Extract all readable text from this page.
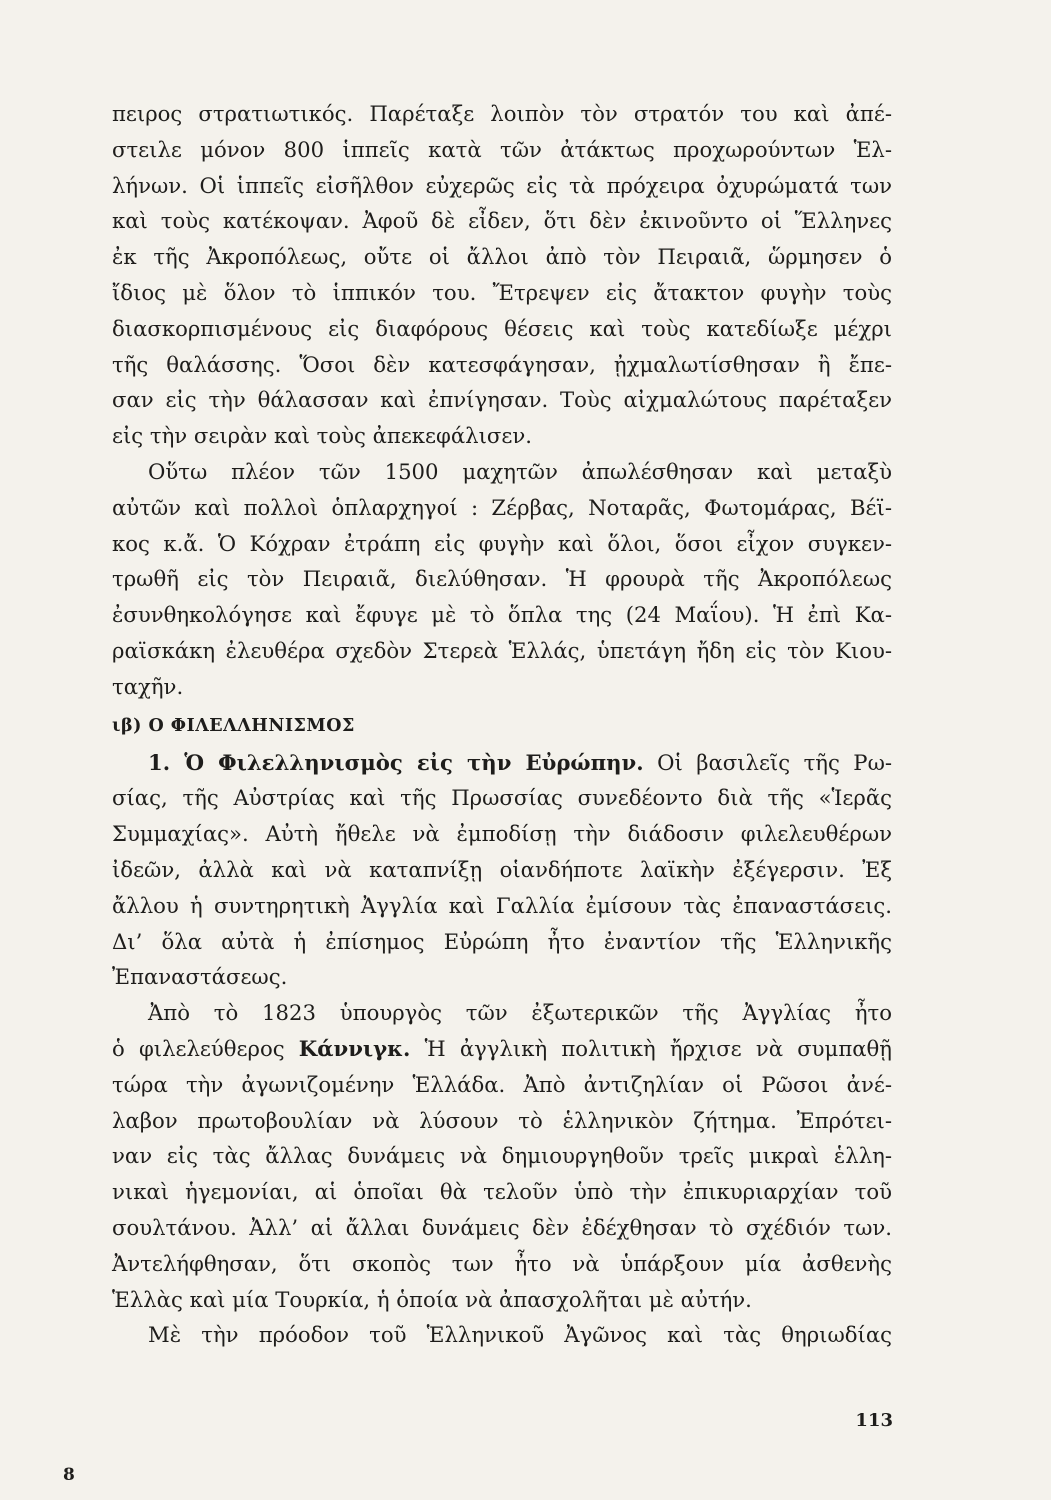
πειρος στρατιωτικός. Παρέταξε λοιπὸν τὸν στρατόν του καὶ ἀπέ-
στειλε μόνον 800 ἱππεῖς κατὰ τῶν ἀτάκτως προχωρούντων Ἑλ-
λήνων. Οἱ ἱππεῖς εἰσῆλθον εὐχερῶς εἰς τὰ πρόχειρα ὀχυρώματά των
καὶ τοὺς κατέκοψαν. Ἀφοῦ δὲ εἶδεν, ὅτι δὲν ἐκινοῦντο οἱ Ἕλληνες
ἐκ τῆς Ἀκροπόλεως, οὔτε οἱ ἄλλοι ἀπὸ τὸν Πειραιᾶ, ὥρμησεν ὁ
ἴδιος μὲ ὅλον τὸ ἱππικόν του. Ἔτρεψεν εἰς ἄτακτον φυγὴν τοὺς
διασκορπισμένους εἰς διαφόρους θέσεις καὶ τοὺς κατεδίωξε μέχρι
τῆς θαλάσσης. Ὅσοι δὲν κατεσφάγησαν, ᾐχμαλωτίσθησαν ἢ ἔπε-
σαν εἰς τὴν θάλασσαν καὶ ἐπνίγησαν. Τοὺς αἰχμαλώτους παρέταξεν
εἰς τὴν σειρὰν καὶ τοὺς ἀπεκεφάλισεν.
Οὕτω πλέον τῶν 1500 μαχητῶν ἀπωλέσθησαν καὶ μεταξὺ
αὐτῶν καὶ πολλοὶ ὁπλαρχηγοί : Ζέρβας, Νοταρᾶς, Φωτομάρας, Βέϊ-
κος κ.ἄ. Ὁ Κόχραν ἐτράπη εἰς φυγὴν καὶ ὅλοι, ὅσοι εἶχον συγκεν-
τρωθῆ εἰς τὸν Πειραιᾶ, διελύθησαν. Ἡ φρουρὰ τῆς Ἀκροπόλεως
ἐσυνθηκολόγησε καὶ ἔφυγε μὲ τὸ ὅπλα της (24 Μαΐου). Ἡ ἐπὶ Κα-
ραϊσκάκη ἐλευθέρα σχεδὸν Στερεὰ Ἑλλάς, ὑπετάγη ἤδη εἰς τὸν Κιου-
ταχῆν.
ιβ) Ο ΦΙΛΕΛΛΗΝΙΣΜΟΣ
1. Ὁ Φιλελληνισμὸς εἰς τὴν Εὐρώπην. Οἱ βασιλεῖς τῆς Ρω-
σίας, τῆς Αὐστρίας καὶ τῆς Πρωσσίας συνεδέοντο διὰ τῆς «Ἱερᾶς
Συμμαχίας». Αὐτὴ ἤθελε νὰ ἐμποδίσῃ τὴν διάδοσιν φιλελευθέρων
ἰδεῶν, ἀλλὰ καὶ νὰ καταπνίξῃ οἱανδήποτε λαϊκὴν ἐξέγερσιν. Ἐξ
ἄλλου ἡ συντηρητικὴ Ἀγγλία καὶ Γαλλία ἐμίσουν τὰς ἐπαναστάσεις.
Δι’ ὅλα αὐτὰ ἡ ἐπίσημος Εὐρώπη ἦτο ἐναντίον τῆς Ἑλληνικῆς
Ἐπαναστάσεως.
Ἀπὸ τὸ 1823 ὑπουργὸς τῶν ἐξωτερικῶν τῆς Ἀγγλίας ἦτο
ὁ φιλελεύθερος Κάννιγκ. Ἡ ἀγγλικὴ πολιτικὴ ἤρχισε νὰ συμπαθῇ
τώρα τὴν ἀγωνιζομένην Ἑλλάδα. Ἀπὸ ἀντιζηλίαν οἱ Ρῶσοι ἀνέ-
λαβον πρωτοβουλίαν νὰ λύσουν τὸ ἑλληνικὸν ζήτημα. Ἐπρότει-
ναν εἰς τὰς ἄλλας δυνάμεις νὰ δημιουργηθοῦν τρεῖς μικραὶ ἑλλη-
νικαὶ ἡγεμονίαι, αἱ ὁποῖαι θὰ τελοῦν ὑπὸ τὴν ἐπικυριαρχίαν τοῦ
σουλτάνου. Ἀλλ’ αἱ ἄλλαι δυνάμεις δὲν ἐδέχθησαν τὸ σχέδιόν των.
Ἀντελήφθησαν, ὅτι σκοπὸς των ἦτο νὰ ὑπάρξουν μία ἀσθενὴς
Ἑλλὰς καὶ μία Τουρκία, ἡ ὁποία νὰ ἀπασχολῆται μὲ αὐτήν.
Μὲ τὴν πρόοδον τοῦ Ἑλληνικοῦ Ἀγῶνος καὶ τὰς θηριωδίας
113
8
